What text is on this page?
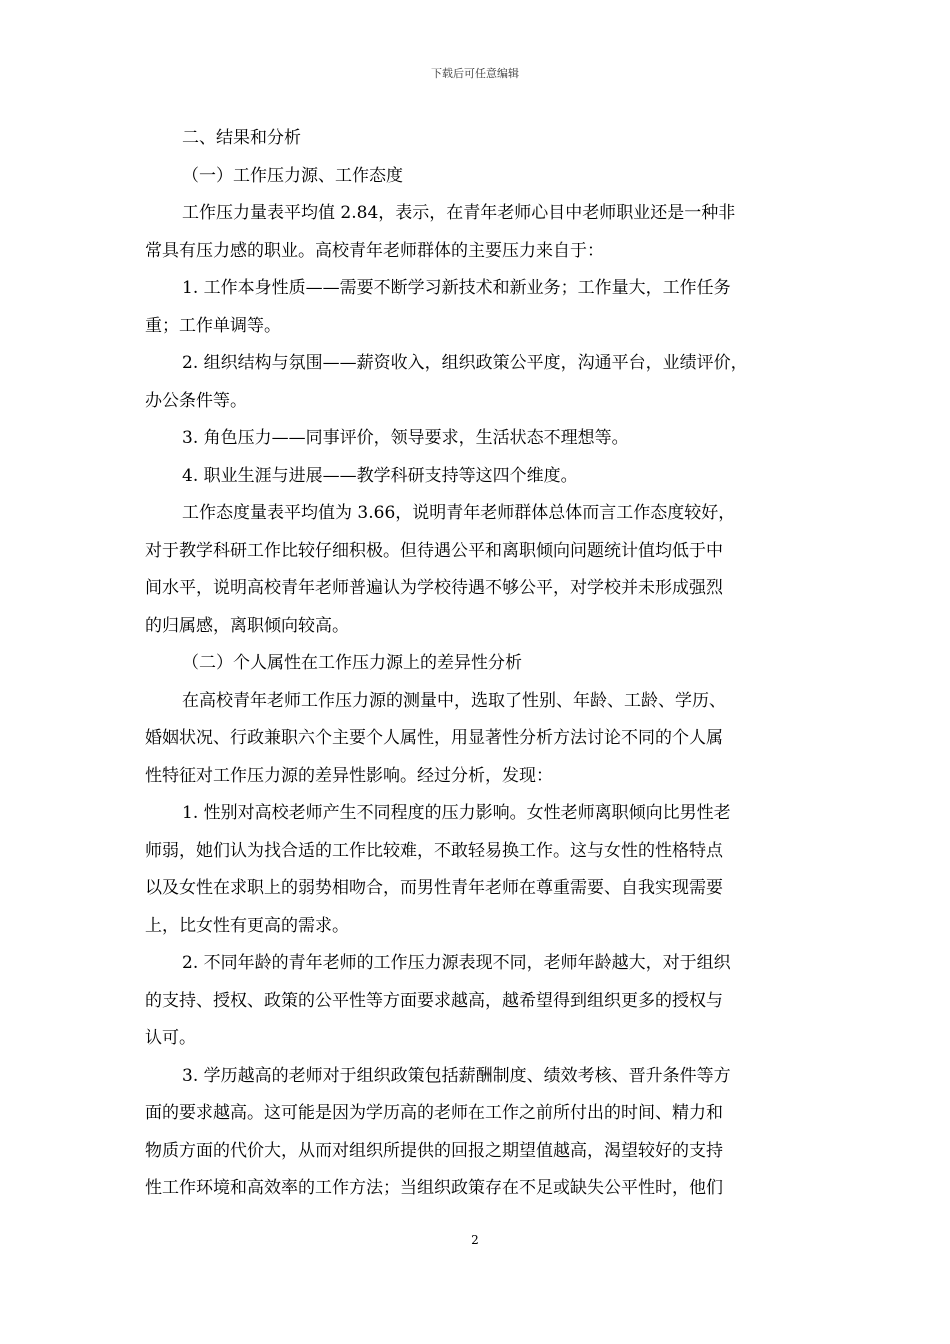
下载后可任意编辑
二、结果和分析
（一）工作压力源、工作态度
工作压力量表平均值 2.84，表示，在青年老师心目中老师职业还是一种非
常具有压力感的职业。高校青年老师群体的主要压力来自于：
1. 工作本身性质——需要不断学习新技术和新业务；工作量大，工作任务
重；工作单调等。
2. 组织结构与氛围——薪资收入，组织政策公平度，沟通平台，业绩评价，
办公条件等。
3. 角色压力——同事评价，领导要求，生活状态不理想等。
4. 职业生涯与进展——教学科研支持等这四个维度。
工作态度量表平均值为 3.66，说明青年老师群体总体而言工作态度较好，
对于教学科研工作比较仔细积极。但待遇公平和离职倾向问题统计值均低于中
间水平，说明高校青年老师普遍认为学校待遇不够公平，对学校并未形成强烈
的归属感，离职倾向较高。
（二）个人属性在工作压力源上的差异性分析
在高校青年老师工作压力源的测量中，选取了性别、年龄、工龄、学历、
婚姻状况、行政兼职六个主要个人属性，用显著性分析方法讨论不同的个人属
性特征对工作压力源的差异性影响。经过分析，发现：
1. 性别对高校老师产生不同程度的压力影响。女性老师离职倾向比男性老
师弱，她们认为找合适的工作比较难，不敢轻易换工作。这与女性的性格特点
以及女性在求职上的弱势相吻合，而男性青年老师在尊重需要、自我实现需要
上，比女性有更高的需求。
2. 不同年龄的青年老师的工作压力源表现不同，老师年龄越大，对于组织
的支持、授权、政策的公平性等方面要求越高，越希望得到组织更多的授权与
认可。
3. 学历越高的老师对于组织政策包括薪酬制度、绩效考核、晋升条件等方
面的要求越高。这可能是因为学历高的老师在工作之前所付出的时间、精力和
物质方面的代价大，从而对组织所提供的回报之期望值越高，渴望较好的支持
性工作环境和高效率的工作方法；当组织政策存在不足或缺失公平性时，他们
2
